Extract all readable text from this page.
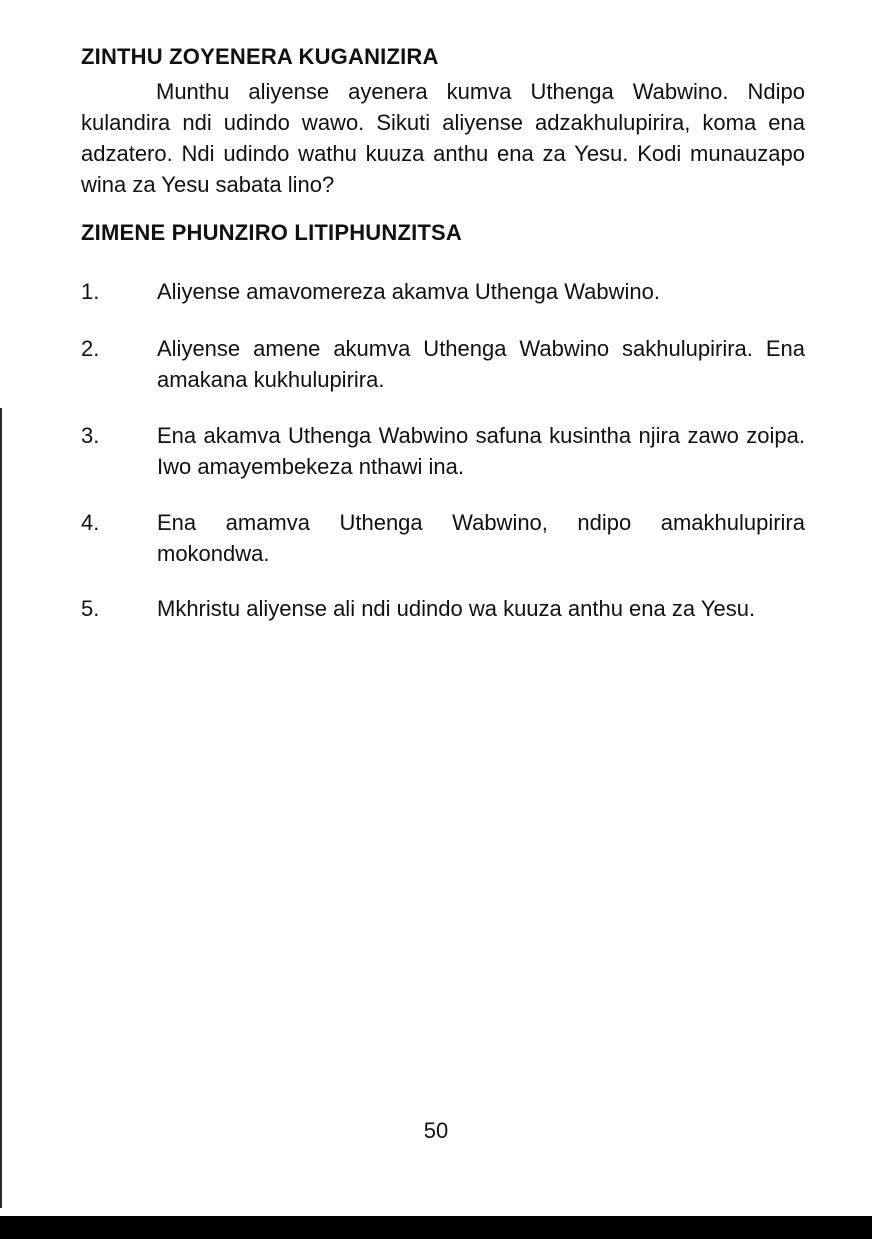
ZINTHU ZOYENERA KUGANIZIRA

Munthu aliyense ayenera kumva Uthenga Wabwino. Ndipo kulandira ndi udindo wawo. Sikuti aliyense adzakhulupirira, koma ena adzatero. Ndi udindo wathu kuuza anthu ena za Yesu. Kodi munauzapo wina za Yesu sabata lino?

ZIMENE PHUNZIRO LITIPHUNZITSA
1.	Aliyense amavomereza akamva Uthenga Wabwino.
2.	Aliyense amene akumva Uthenga Wabwino sakhulupirira. Ena amakana kukhulupirira.
3.	Ena akamva Uthenga Wabwino safuna kusintha njira zawo zoipa. Iwo amayembekeza nthawi ina.
4.	Ena amamva Uthenga Wabwino, ndipo amakhulupirira mokondwa.
5.	Mkhristu aliyense ali ndi udindo wa kuuza anthu ena za Yesu.
50
